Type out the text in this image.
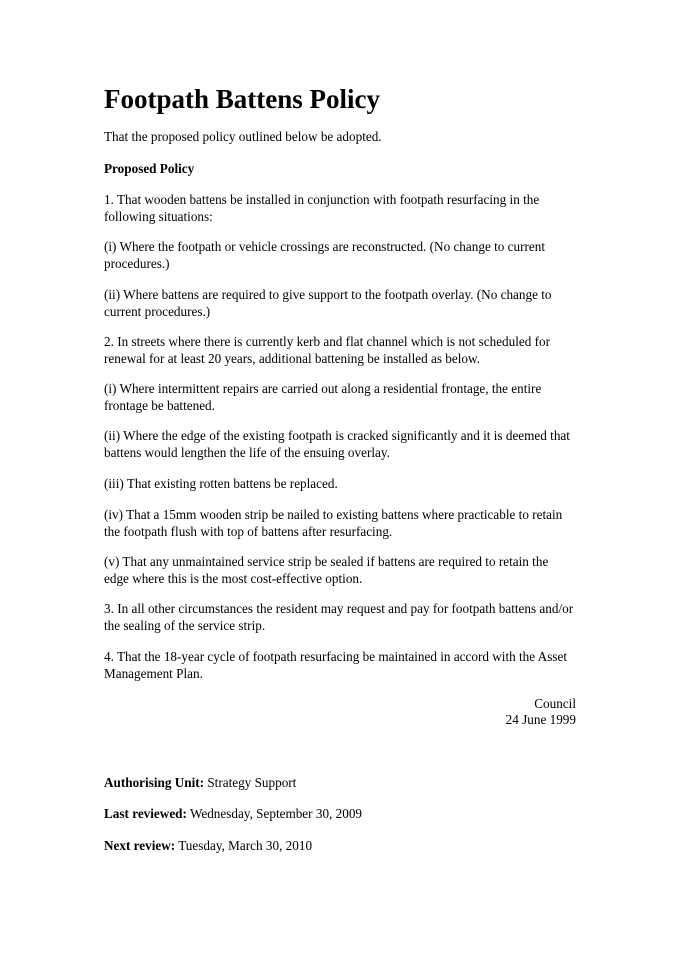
Footpath Battens Policy

That the proposed policy outlined below be adopted.

Proposed Policy

1. That wooden battens be installed in conjunction with footpath resurfacing in the following situations:

(i) Where the footpath or vehicle crossings are reconstructed. (No change to current procedures.)

(ii) Where battens are required to give support to the footpath overlay. (No change to current procedures.)

2. In streets where there is currently kerb and flat channel which is not scheduled for renewal for at least 20 years, additional battening be installed as below.

(i) Where intermittent repairs are carried out along a residential frontage, the entire frontage be battened.

(ii) Where the edge of the existing footpath is cracked significantly and it is deemed that battens would lengthen the life of the ensuing overlay.

(iii) That existing rotten battens be replaced.

(iv) That a 15mm wooden strip be nailed to existing battens where practicable to retain the footpath flush with top of battens after resurfacing.

(v) That any unmaintained service strip be sealed if battens are required to retain the edge where this is the most cost-effective option.

3. In all other circumstances the resident may request and pay for footpath battens and/or the sealing of the service strip.

4. That the 18-year cycle of footpath resurfacing be maintained in accord with the Asset Management Plan.

Council

24 June 1999

Authorising Unit: Strategy Support

Last reviewed: Wednesday, September 30, 2009

Next review: Tuesday, March 30, 2010
